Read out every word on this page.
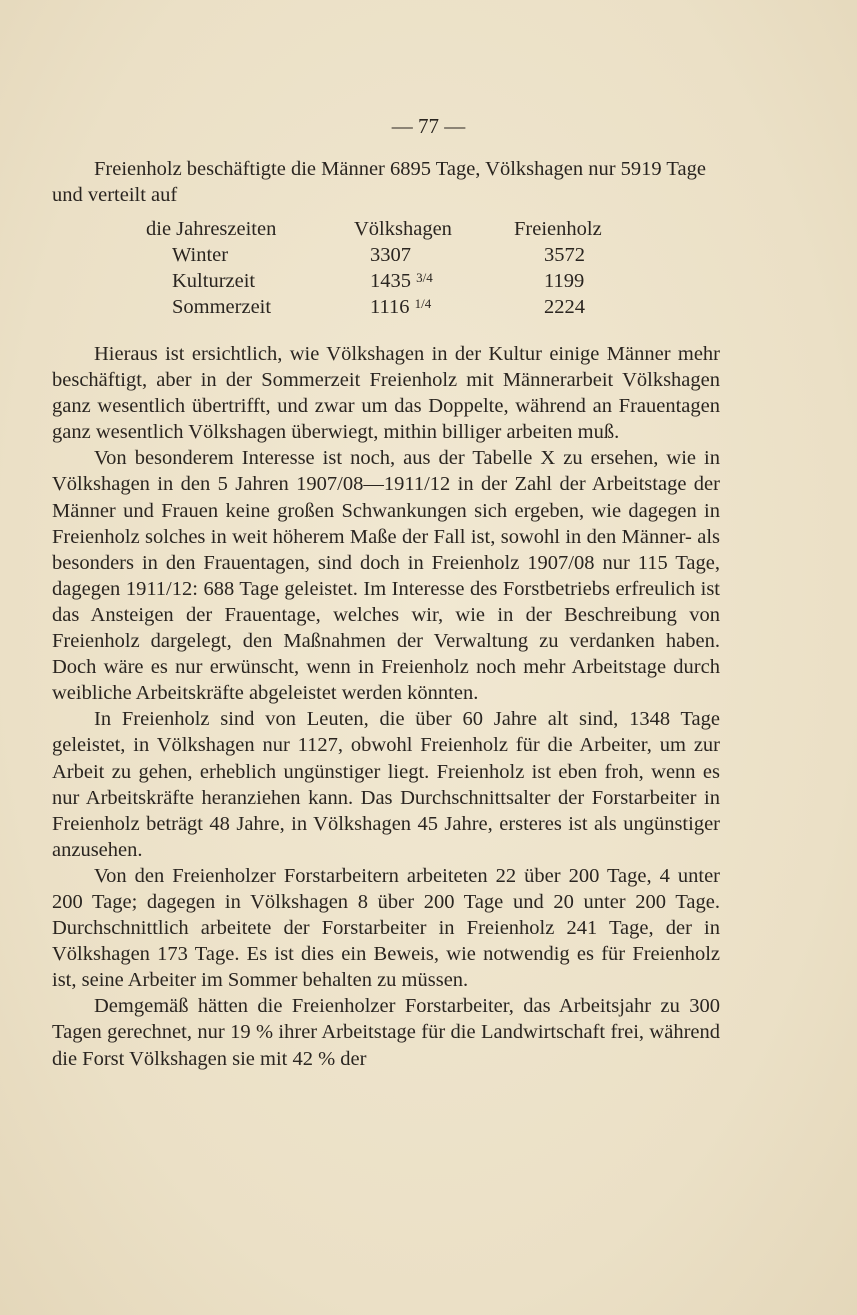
— 77 —

Freienholz beschäftigte die Männer 6895 Tage, Völkshagen nur 5919 Tage und verteilt auf

die Jahreszeiten	Völkshagen	Freienholz
Winter	3307	3572
Kulturzeit	1435 $^{3/4}$	1199
Sommerzeit	1116 $^{1/4}$	2224

Hieraus ist ersichtlich, wie Völkshagen in der Kultur einige Männer mehr beschäftigt, aber in der Sommerzeit Freienholz mit Männerarbeit Völkshagen ganz wesentlich übertrifft, und zwar um das Doppelte, während an Frauentagen ganz wesentlich Völkshagen überwiegt, mithin billiger arbeiten muß.

Von besonderem Interesse ist noch, aus der Tabelle X zu ersehen, wie in Völkshagen in den 5 Jahren 1907/08—1911/12 in der Zahl der Arbeitstage der Männer und Frauen keine großen Schwankungen sich ergeben, wie dagegen in Freienholz solches in weit höherem Maße der Fall ist, sowohl in den Männer- als besonders in den Frauentagen, sind doch in Freienholz 1907/08 nur 115 Tage, dagegen 1911/12: 688 Tage geleistet. Im Interesse des Forstbetriebs erfreulich ist das Ansteigen der Frauentage, welches wir, wie in der Beschreibung von Freienholz dargelegt, den Maßnahmen der Verwaltung zu verdanken haben. Doch wäre es nur erwünscht, wenn in Freienholz noch mehr Arbeitstage durch weibliche Arbeitskräfte abgeleistet werden könnten.

In Freienholz sind von Leuten, die über 60 Jahre alt sind, 1348 Tage geleistet, in Völkshagen nur 1127, obwohl Freienholz für die Arbeiter, um zur Arbeit zu gehen, erheblich ungünstiger liegt. Freienholz ist eben froh, wenn es nur Arbeitskräfte heranziehen kann. Das Durchschnittsalter der Forstarbeiter in Freienholz beträgt 48 Jahre, in Völkshagen 45 Jahre, ersteres ist als ungünstiger anzusehen.

Von den Freienholzer Forstarbeitern arbeiteten 22 über 200 Tage, 4 unter 200 Tage; dagegen in Völkshagen 8 über 200 Tage und 20 unter 200 Tage. Durchschnittlich arbeitete der Forstarbeiter in Freienholz 241 Tage, der in Völkshagen 173 Tage. Es ist dies ein Beweis, wie notwendig es für Freienholz ist, seine Arbeiter im Sommer behalten zu müssen.

Demgemäß hätten die Freienholzer Forstarbeiter, das Arbeitsjahr zu 300 Tagen gerechnet, nur 19 % ihrer Arbeitstage für die Landwirtschaft frei, während die Forst Völkshagen sie mit 42 % der
